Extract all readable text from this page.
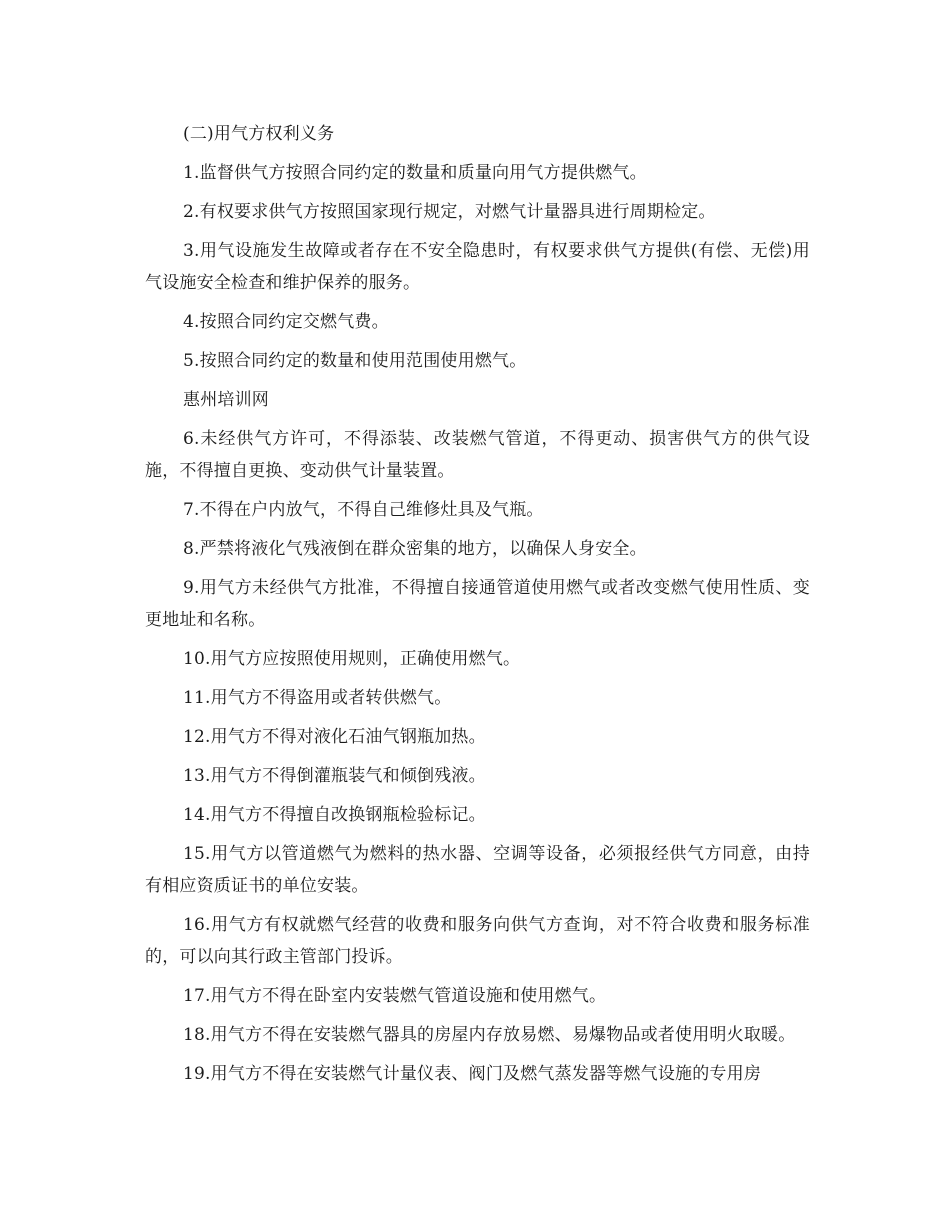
(二)用气方权利义务

1.监督供气方按照合同约定的数量和质量向用气方提供燃气。

2.有权要求供气方按照国家现行规定，对燃气计量器具进行周期检定。

3.用气设施发生故障或者存在不安全隐患时，有权要求供气方提供(有偿、无偿)用气设施安全检查和维护保养的服务。

4.按照合同约定交燃气费。

5.按照合同约定的数量和使用范围使用燃气。

惠州培训网

6.未经供气方许可，不得添装、改装燃气管道，不得更动、损害供气方的供气设施，不得擅自更换、变动供气计量装置。

7.不得在户内放气，不得自己维修灶具及气瓶。

8.严禁将液化气残液倒在群众密集的地方，以确保人身安全。

9.用气方未经供气方批准，不得擅自接通管道使用燃气或者改变燃气使用性质、变更地址和名称。

10.用气方应按照使用规则，正确使用燃气。

11.用气方不得盗用或者转供燃气。

12.用气方不得对液化石油气钢瓶加热。

13.用气方不得倒灌瓶装气和倾倒残液。

14.用气方不得擅自改换钢瓶检验标记。

15.用气方以管道燃气为燃料的热水器、空调等设备，必须报经供气方同意，由持有相应资质证书的单位安装。

16.用气方有权就燃气经营的收费和服务向供气方查询，对不符合收费和服务标准的，可以向其行政主管部门投诉。

17.用气方不得在卧室内安装燃气管道设施和使用燃气。

18.用气方不得在安装燃气器具的房屋内存放易燃、易爆物品或者使用明火取暖。

19.用气方不得在安装燃气计量仪表、阀门及燃气蒸发器等燃气设施的专用房
